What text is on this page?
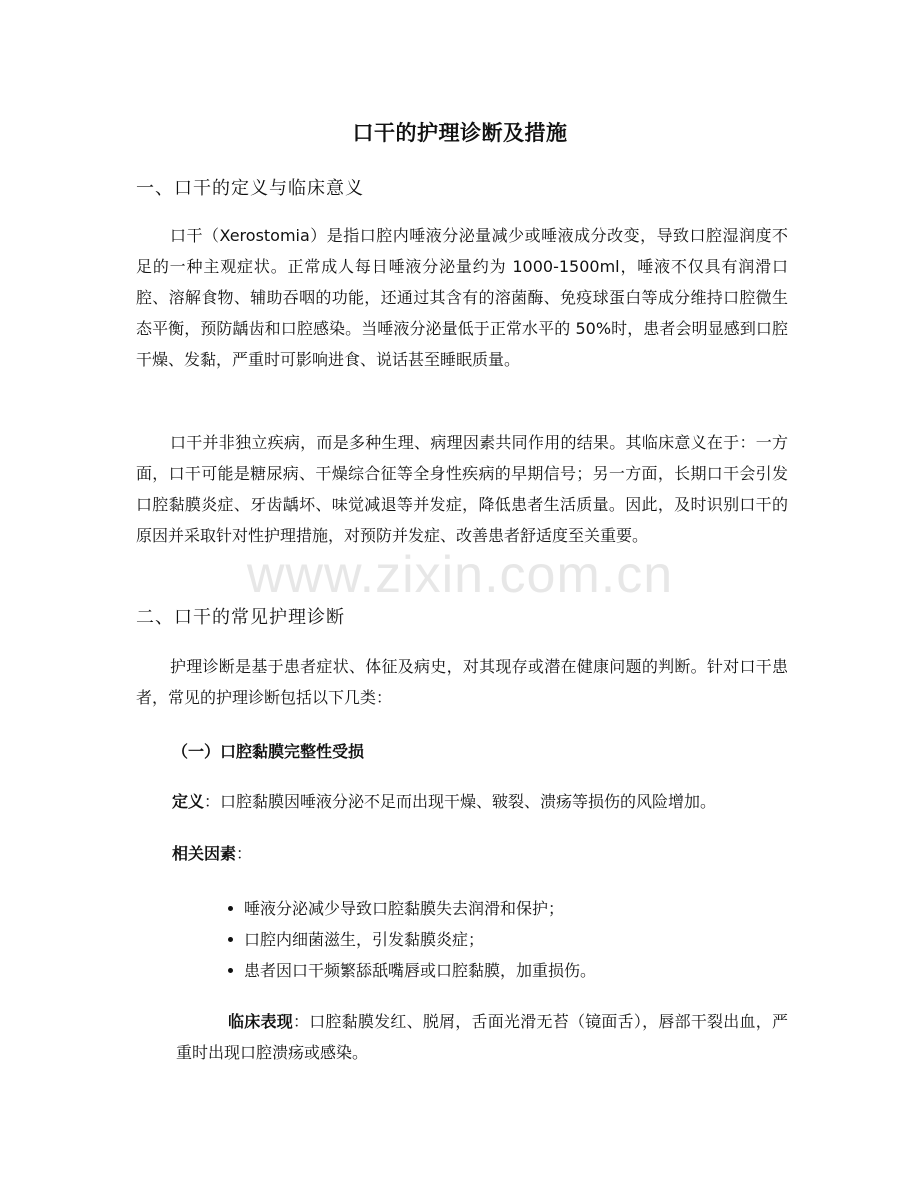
口干的护理诊断及措施
一、口干的定义与临床意义

口干（Xerostomia）是指口腔内唾液分泌量减少或唾液成分改变，导致口腔湿润度不足的一种主观症状。正常成人每日唾液分泌量约为 1000-1500ml，唾液不仅具有润滑口腔、溶解食物、辅助吞咽的功能，还通过其含有的溶菌酶、免疫球蛋白等成分维持口腔微生态平衡，预防龋齿和口腔感染。当唾液分泌量低于正常水平的 50%时，患者会明显感到口腔干燥、发黏，严重时可影响进食、说话甚至睡眠质量。

口干并非独立疾病，而是多种生理、病理因素共同作用的结果。其临床意义在于：一方面，口干可能是糖尿病、干燥综合征等全身性疾病的早期信号；另一方面，长期口干会引发口腔黏膜炎症、牙齿龋坏、味觉减退等并发症，降低患者生活质量。因此，及时识别口干的原因并采取针对性护理措施，对预防并发症、改善患者舒适度至关重要。

二、口干的常见护理诊断

护理诊断是基于患者症状、体征及病史，对其现存或潜在健康问题的判断。针对口干患者，常见的护理诊断包括以下几类：

（一）口腔黏膜完整性受损
定义：口腔黏膜因唾液分泌不足而出现干燥、皲裂、溃疡等损伤的风险增加。
相关因素：
唾液分泌减少导致口腔黏膜失去润滑和保护；
口腔内细菌滋生，引发黏膜炎症；
患者因口干频繁舔舐嘴唇或口腔黏膜，加重损伤。

临床表现：口腔黏膜发红、脱屑，舌面光滑无苔（镜面舌），唇部干裂出血，严重时出现口腔溃疡或感染。

www.zixin.com.cn
